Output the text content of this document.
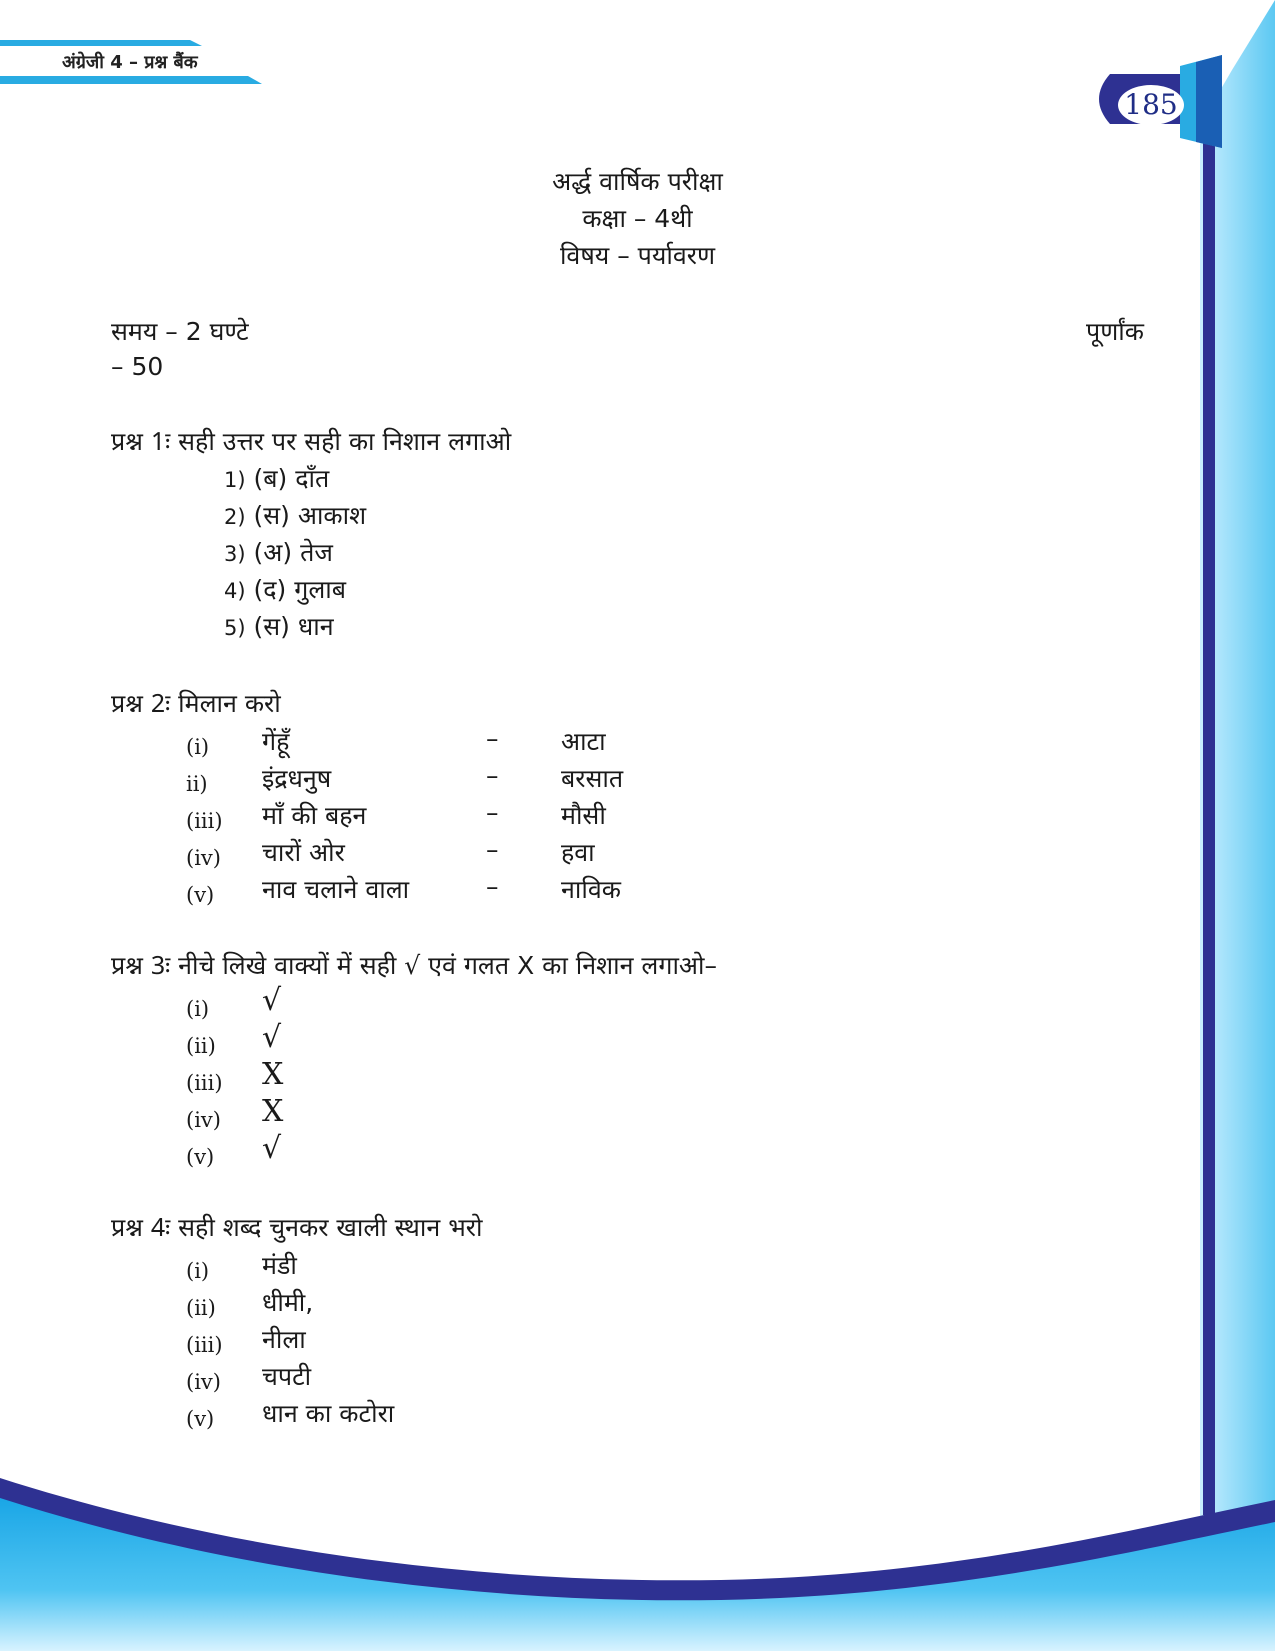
अंग्रेजी 4 – प्रश्न बैंक
185
अर्द्ध वार्षिक परीक्षा
कक्षा – 4थी
विषय – पर्यावरण
समय – 2 घण्टे	पूर्णांक
– 50
प्रश्न 1ः सही उत्तर पर सही का निशान लगाओ
1) (ब) दाँत
2) (स) आकाश
3) (अ) तेज
4) (द) गुलाब
5) (स) धान
प्रश्न 2ः मिलान करो
(i) गेंहूँ	–	आटा
ii) इंद्रधनुष	–	बरसात
(iii) माँ की बहन	–	मौसी
(iv) चारों ओर	–	हवा
(v) नाव चलाने वाला	–	नाविक
प्रश्न 3ः नीचे लिखे वाक्यों में सही √ एवं गलत X का निशान लगाओ–
(i) √
(ii) √
(iii) X
(iv) X
(v) √
प्रश्न 4ः सही शब्द चुनकर खाली स्थान भरो
(i) मंडी
(ii) धीमी,
(iii) नीला
(iv) चपटी
(v) धान का कटोरा
